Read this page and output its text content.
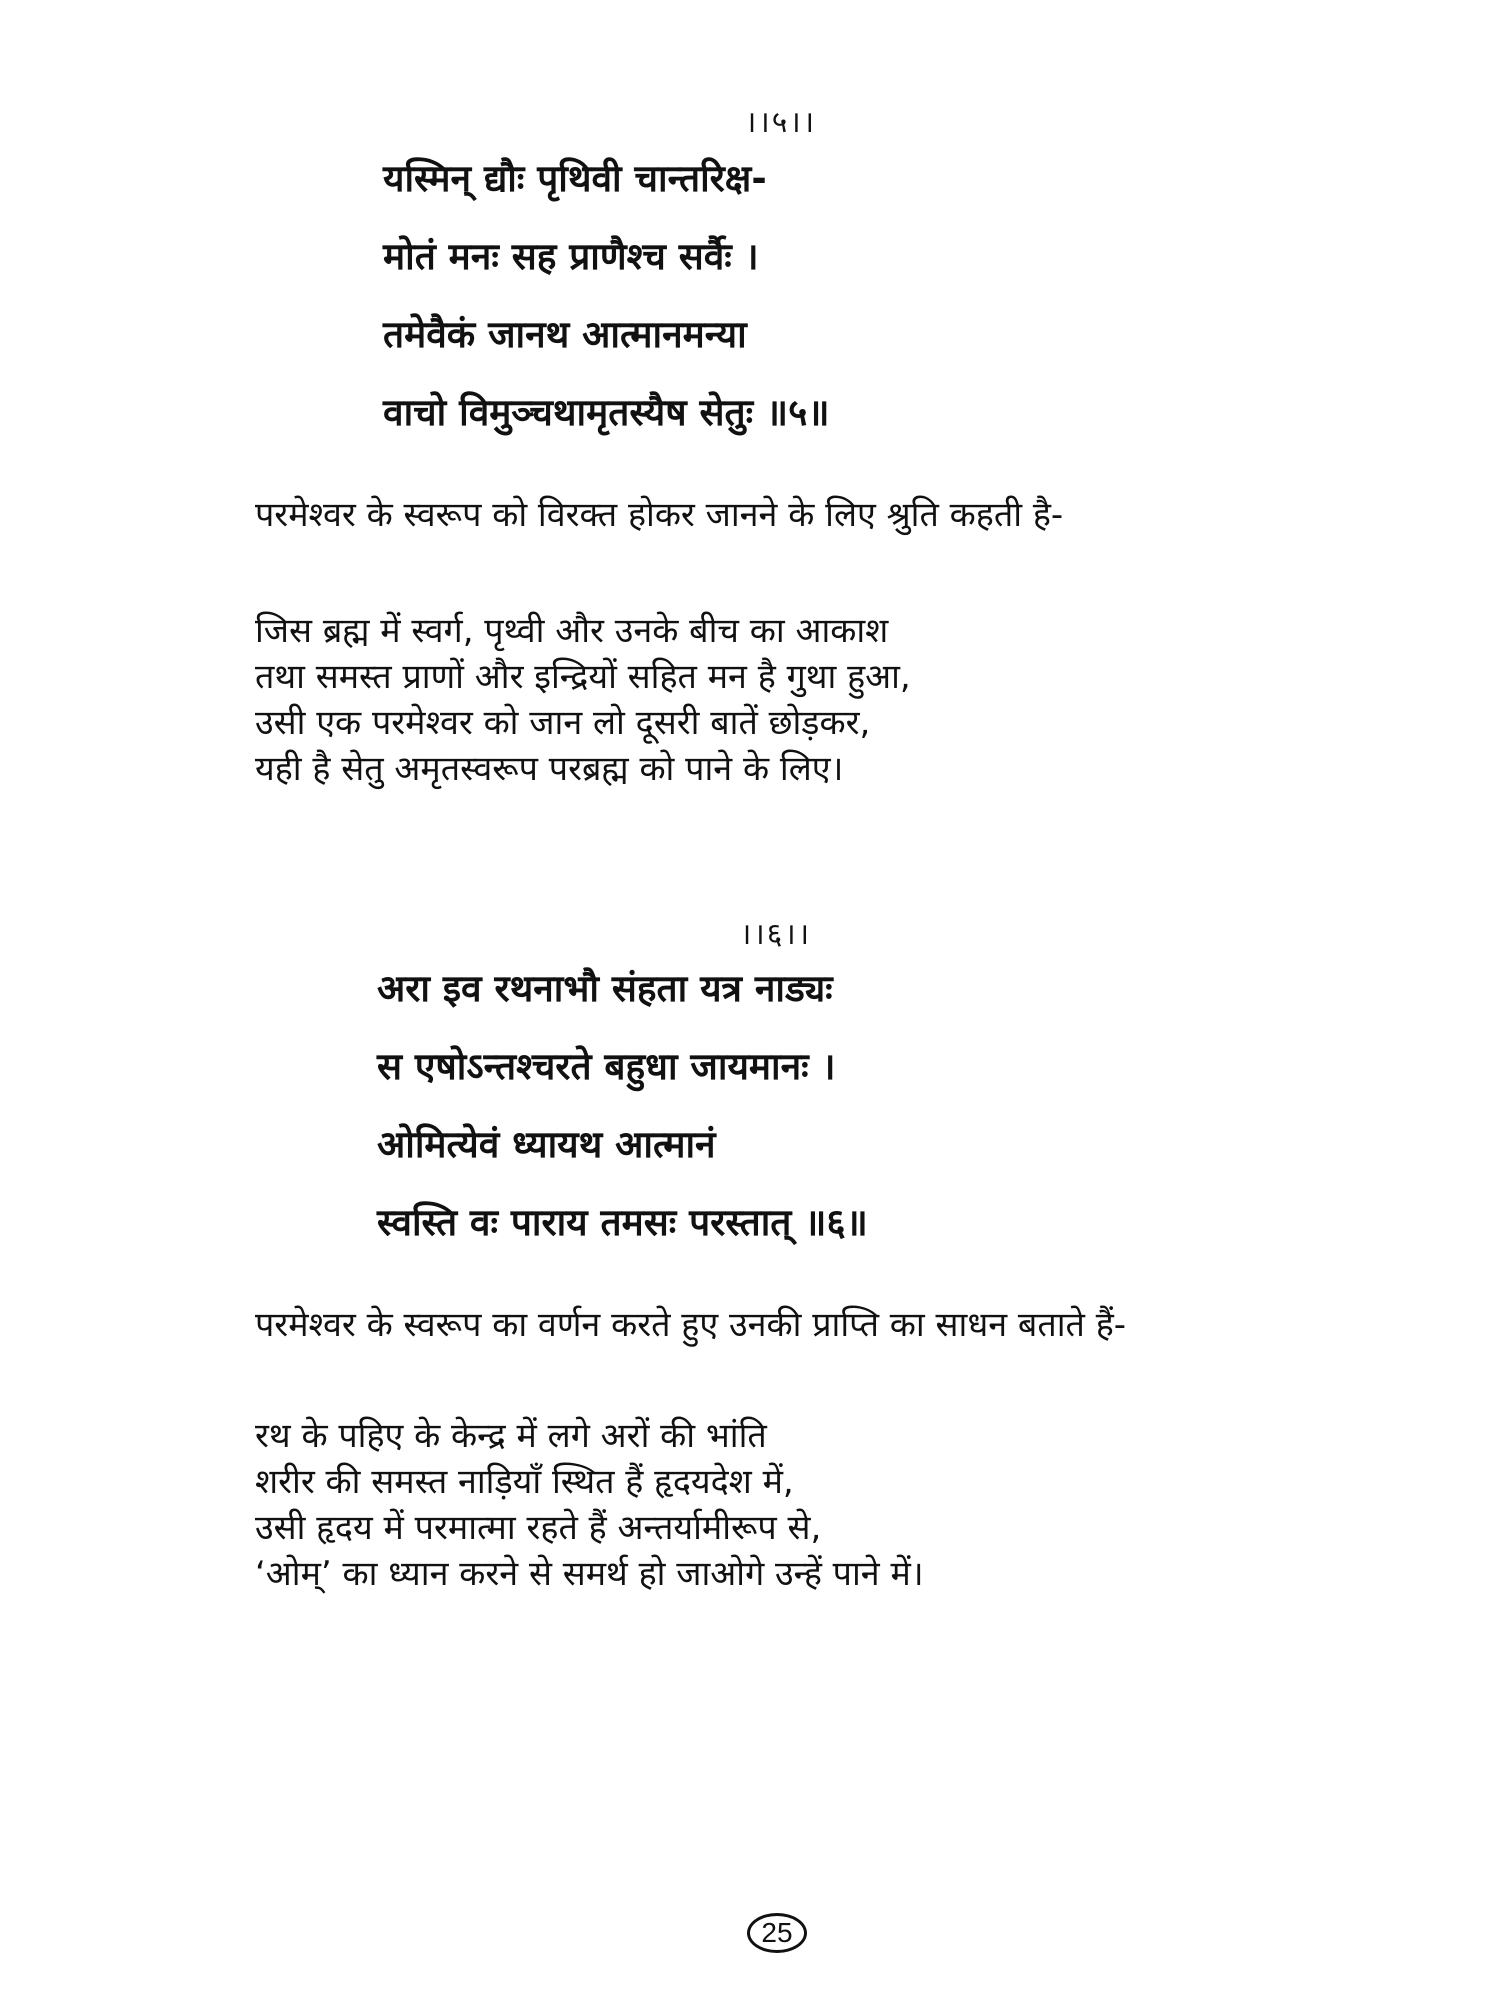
।।५।।
यस्मिन् द्यौः पृथिवी चान्तरिक्ष-
मोतं मनः सह प्राणैश्च सर्वैः ।
तमेवैकं जानथ आत्मानमन्या
वाचो विमुञ्चथामृतस्यैष सेतुः ॥५॥
परमेश्वर के स्वरूप को विरक्त होकर जानने के लिए श्रुति कहती है-
जिस ब्रह्म में स्वर्ग, पृथ्वी और उनके बीच का आकाश
तथा समस्त प्राणों और इन्द्रियों सहित मन है गुथा हुआ,
उसी एक परमेश्वर को जान लो दूसरी बातें छोड़कर,
यही है सेतु अमृतस्वरूप परब्रह्म को पाने के लिए।
।।६।।
अरा इव रथनाभौ संहता यत्र नाड्यः
स एषोऽन्तश्चरते बहुधा जायमानः ।
ओमित्येवं ध्यायथ आत्मानं
स्वस्ति वः पाराय तमसः परस्तात् ॥६॥
परमेश्वर के स्वरूप का वर्णन करते हुए उनकी प्राप्ति का साधन बताते हैं-
रथ के पहिए के केन्द्र में लगे अरों की भांति
शरीर की समस्त नाड़ियाँ स्थित हैं हृदयदेश में,
उसी हृदय में परमात्मा रहते हैं अन्तर्यामीरूप से,
‘ओम्’ का ध्यान करने से समर्थ हो जाओगे उन्हें पाने में।
25
